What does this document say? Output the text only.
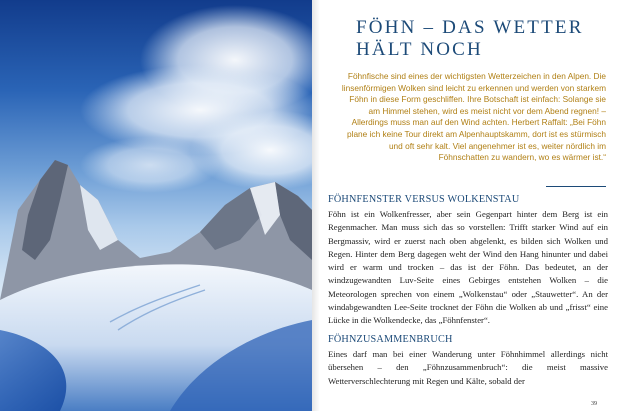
FÖHN – DAS WETTER
HÄLT NOCH

Föhnfische sind eines der wichtigsten Wetterzeichen in den Alpen. Die linsenförmigen Wolken sind leicht zu erkennen und werden von starkem Föhn in diese Form geschliffen. Ihre Botschaft ist einfach: Solange sie am Himmel stehen, wird es meist nicht vor dem Abend regnen! – Allerdings muss man auf den Wind achten. Herbert Raffalt: „Bei Föhn plane ich keine Tour direkt am Alpenhauptskamm, dort ist es stürmisch und oft sehr kalt. Viel angenehmer ist es, weiter nördlich im Föhnschatten zu wandern, wo es wärmer ist.“

FÖHNFENSTER VERSUS WOLKENSTAU

Föhn ist ein Wolkenfresser, aber sein Gegenpart hinter dem Berg ist ein Regenmacher. Man muss sich das so vorstellen: Trifft starker Wind auf ein Bergmassiv, wird er zuerst nach oben abgelenkt, es bilden sich Wolken und Regen. Hinter dem Berg dagegen weht der Wind den Hang hinunter und dabei wird er warm und trocken – das ist der Föhn. Das bedeutet, an der windzugewandten Luv-Seite eines Gebirges entstehen Wolken – die Meteorologen sprechen von einem „Wolkenstau“ oder „Stauwetter“. An der windabgewandten Lee-Seite trocknet der Föhn die Wolken ab und „frisst“ eine Lücke in die Wolkendecke, das „Föhnfenster“.

FÖHNZUSAMMENBRUCH

Eines darf man bei einer Wanderung unter Föhnhimmel allerdings nicht übersehen – den „Föhnzusammenbruch“: die meist massive Wetterverschlechterung mit Regen und Kälte, sobald der

39
